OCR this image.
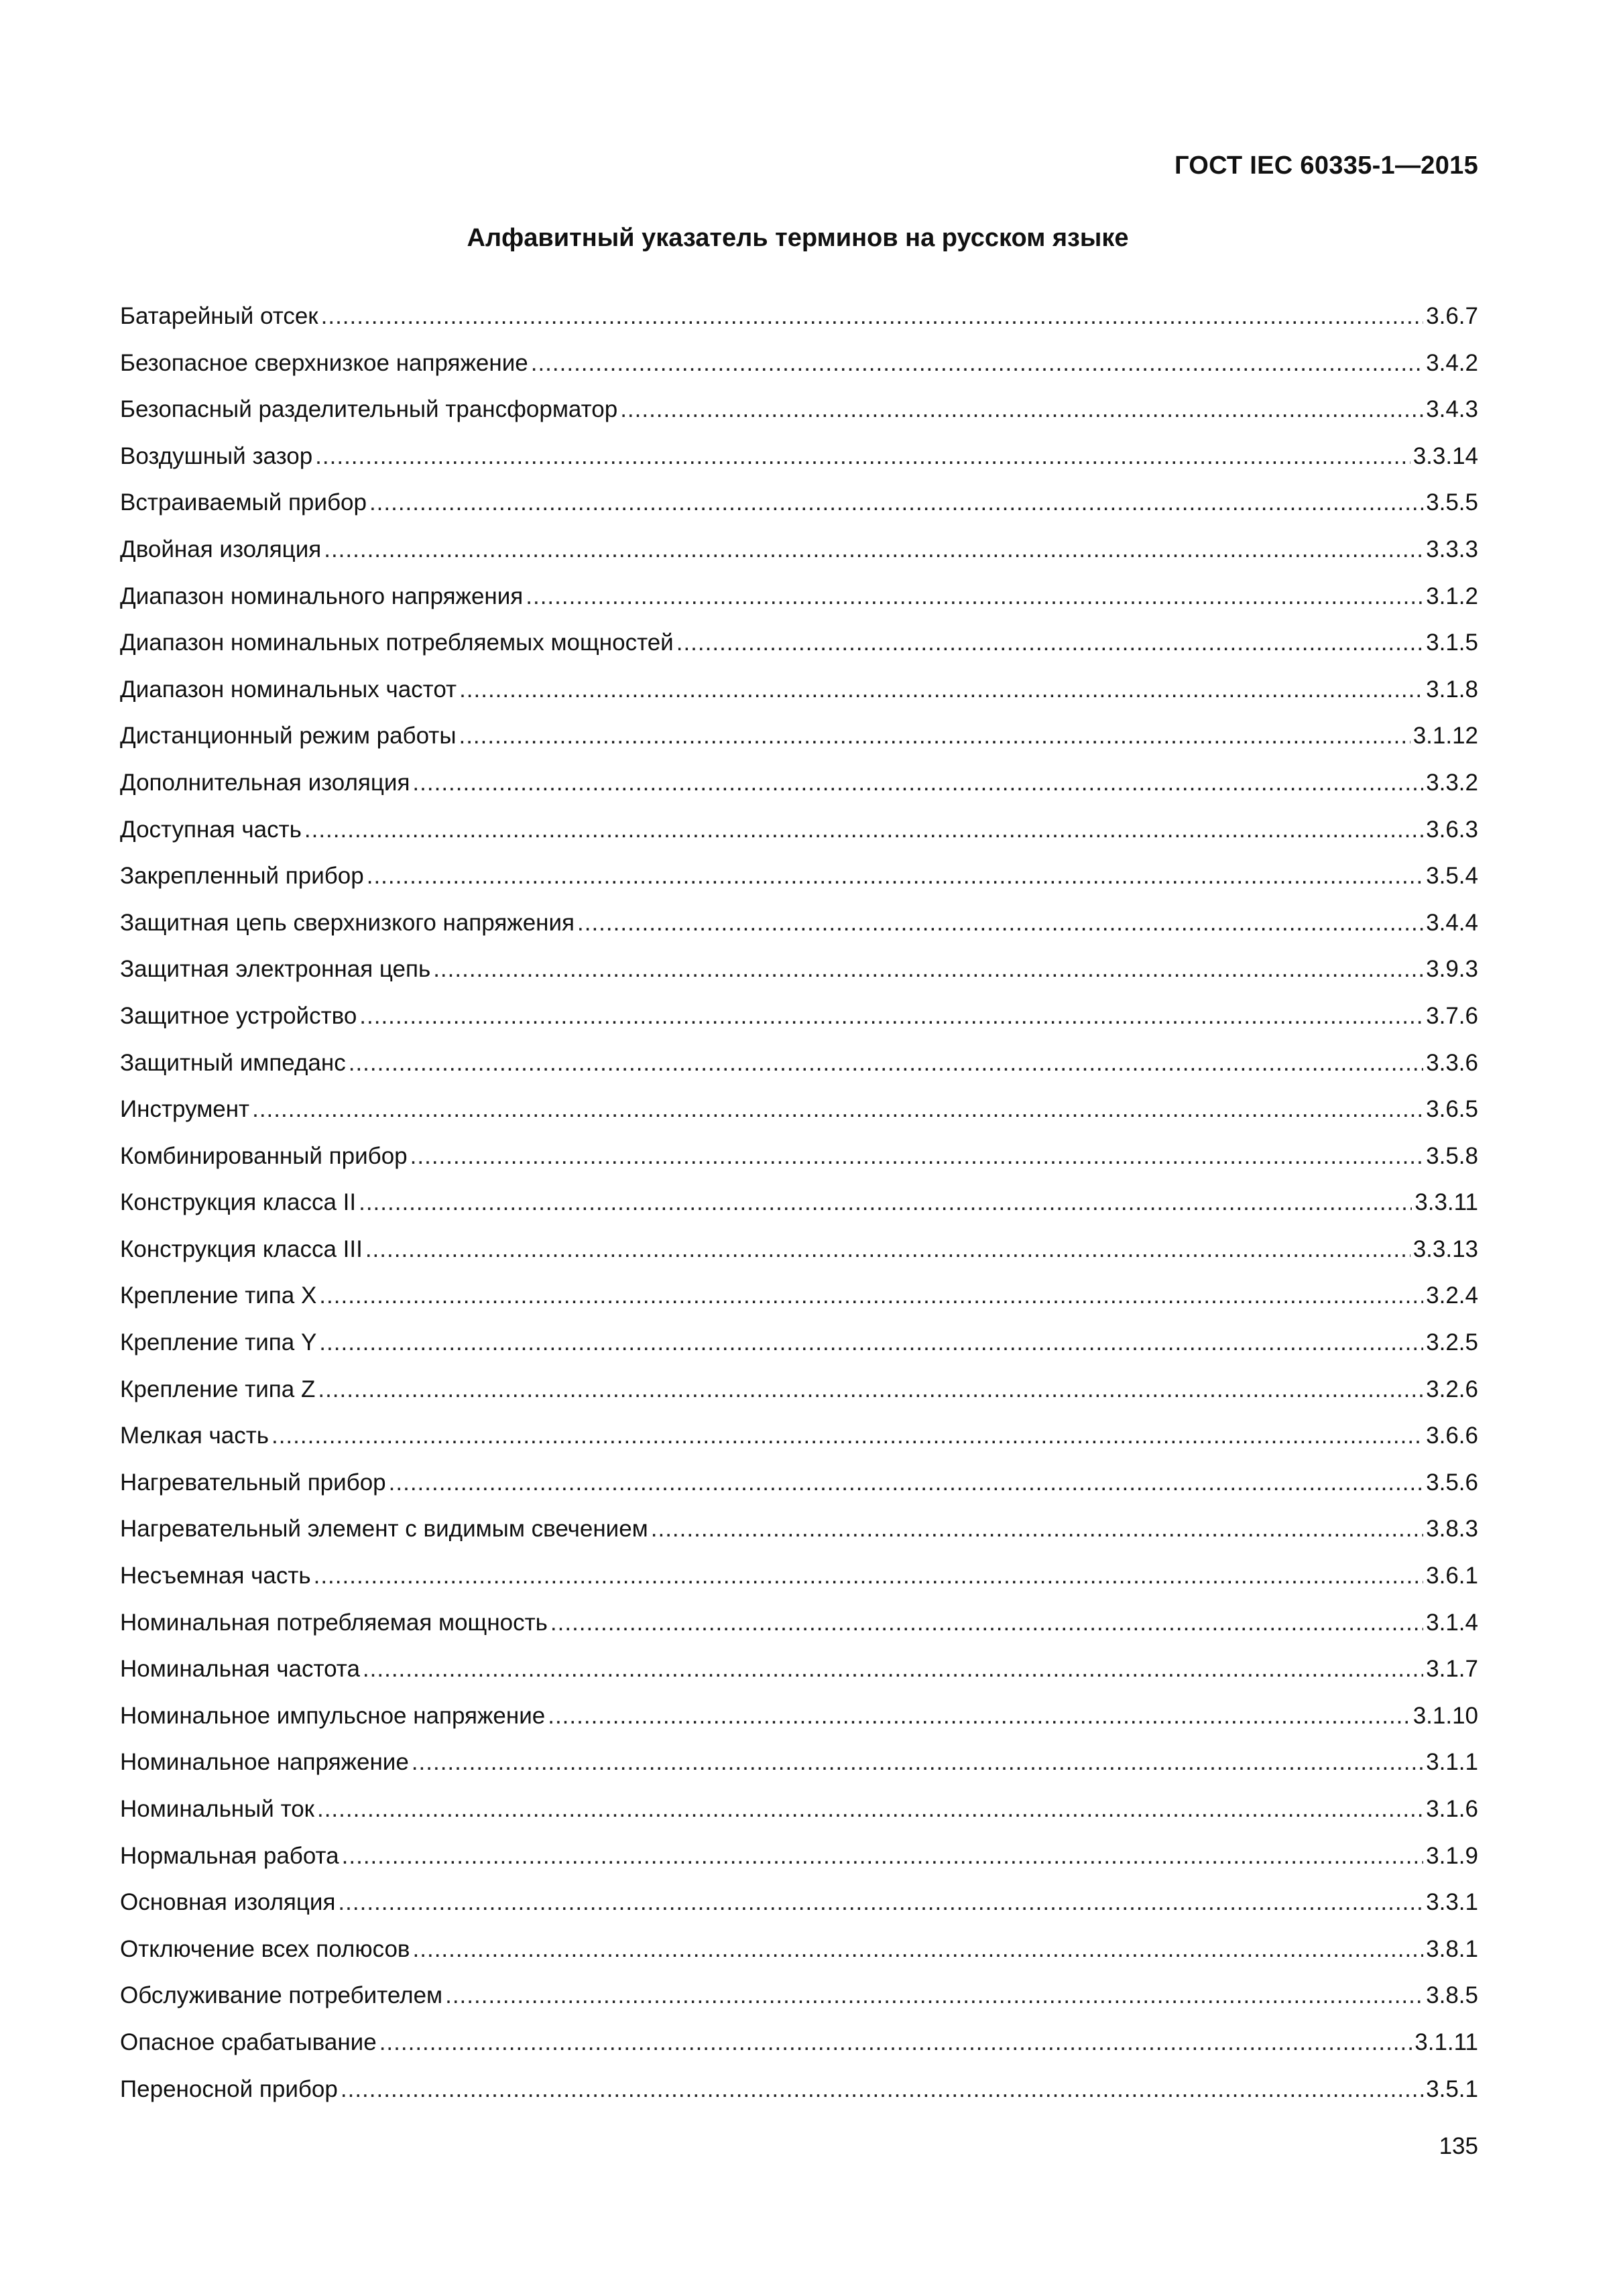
ГОСТ IEC 60335-1—2015
Алфавитный указатель терминов на русском языке
Батарейный отсек .....	3.6.7
Безопасное сверхнизкое напряжение .....	3.4.2
Безопасный разделительный трансформатор .....	3.4.3
Воздушный зазор .....	3.3.14
Встраиваемый прибор .....	3.5.5
Двойная изоляция .....	3.3.3
Диапазон номинального напряжения .....	3.1.2
Диапазон номинальных потребляемых мощностей .....	3.1.5
Диапазон номинальных частот .....	3.1.8
Дистанционный режим работы .....	3.1.12
Дополнительная изоляция .....	3.3.2
Доступная часть .....	3.6.3
Закрепленный прибор .....	3.5.4
Защитная цепь сверхнизкого напряжения .....	3.4.4
Защитная электронная цепь .....	3.9.3
Защитное устройство .....	3.7.6
Защитный импеданс .....	3.3.6
Инструмент .....	3.6.5
Комбинированный прибор .....	3.5.8
Конструкция класса II .....	3.3.11
Конструкция класса III .....	3.3.13
Крепление типа X .....	3.2.4
Крепление типа Y .....	3.2.5
Крепление типа Z .....	3.2.6
Мелкая часть .....	3.6.6
Нагревательный прибор .....	3.5.6
Нагревательный элемент с видимым свечением .....	3.8.3
Несъемная часть .....	3.6.1
Номинальная потребляемая мощность .....	3.1.4
Номинальная частота .....	3.1.7
Номинальное импульсное напряжение .....	3.1.10
Номинальное напряжение .....	3.1.1
Номинальный ток .....	3.1.6
Нормальная работа .....	3.1.9
Основная изоляция .....	3.3.1
Отключение всех полюсов .....	3.8.1
Обслуживание потребителем .....	3.8.5
Опасное срабатывание .....	3.1.11
Переносной прибор .....	3.5.1
135
